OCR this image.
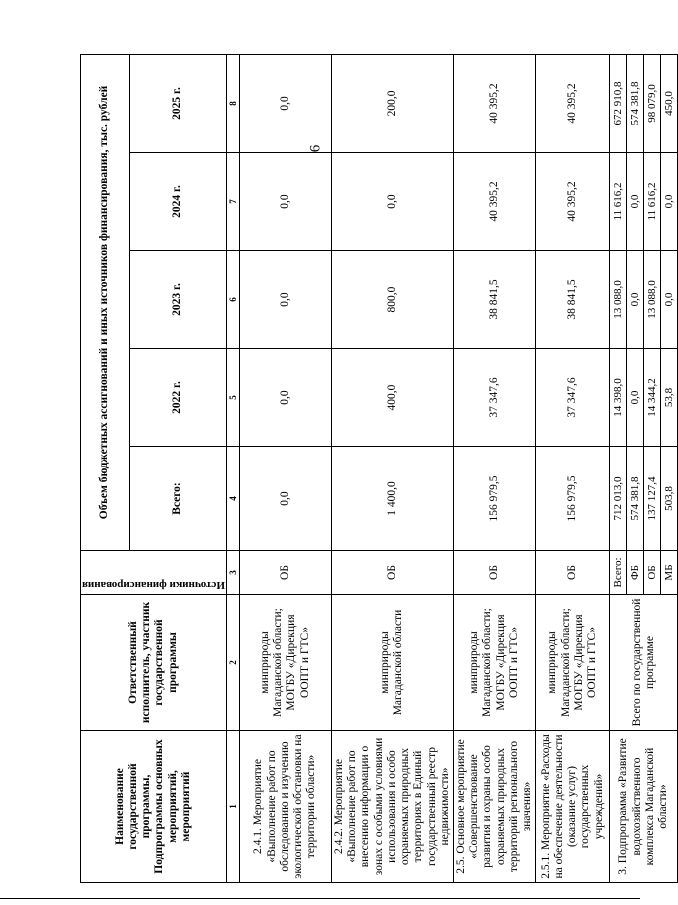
6
Наименование государственной программы, Подпрограммы основных мероприятий, мероприятий	Ответственный исполнитель, участник государственной программы	Источники финансирования	Объем бюджетных ассигнований и иных источников финансирования, тыс. рублей				
			Всего:	2022 г.	2023 г.	2024 г.	2025 г.
1	2	3	4	5	6	7	8
2.4.1. Мероприятие «Выполнение работ по обследованию и изучению экологической обстановки на территории области»	минприроды Магаданской области; МОГБУ «Дирекция ООПТ и ГТС»	ОБ	0,0	0,0	0,0	0,0	0,0
2.4.2. Мероприятие «Выполнение работ по внесению информации о зонах с особыми условиями использования и особо охраняемых природных территориях в Единый государственный реестр недвижимости»	минприроды Магаданской области	ОБ	1 400,0	400,0	800,0	0,0	200,0
2.5. Основное мероприятие «Совершенствование развития и охраны особо охраняемых природных территорий регионального значения»	минприроды Магаданской области; МОГБУ «Дирекция ООПТ и ГТС»	ОБ	156 979,5	37 347,6	38 841,5	40 395,2	40 395,2
2.5.1. Мероприятие «Расходы на обеспечение деятельности (оказание услуг) государственных учреждений»	минприроды Магаданской области; МОГБУ «Дирекция ООПТ и ГТС»	ОБ	156 979,5	37 347,6	38 841,5	40 395,2	40 395,2
3. Подпрограмма «Развитие водохозяйственного комплекса Магаданской области»	Всего по государственной программе	Всего:	712 013,0	14 398,0	13 088,0	11 616,2	672 910,8
		ФБ	574 381,8	0,0	0,0	0,0	574 381,8
		ОБ	137 127,4	14 344,2	13 088,0	11 616,2	98 079,0
		МБ	503,8	53,8	0,0	0,0	450,0
